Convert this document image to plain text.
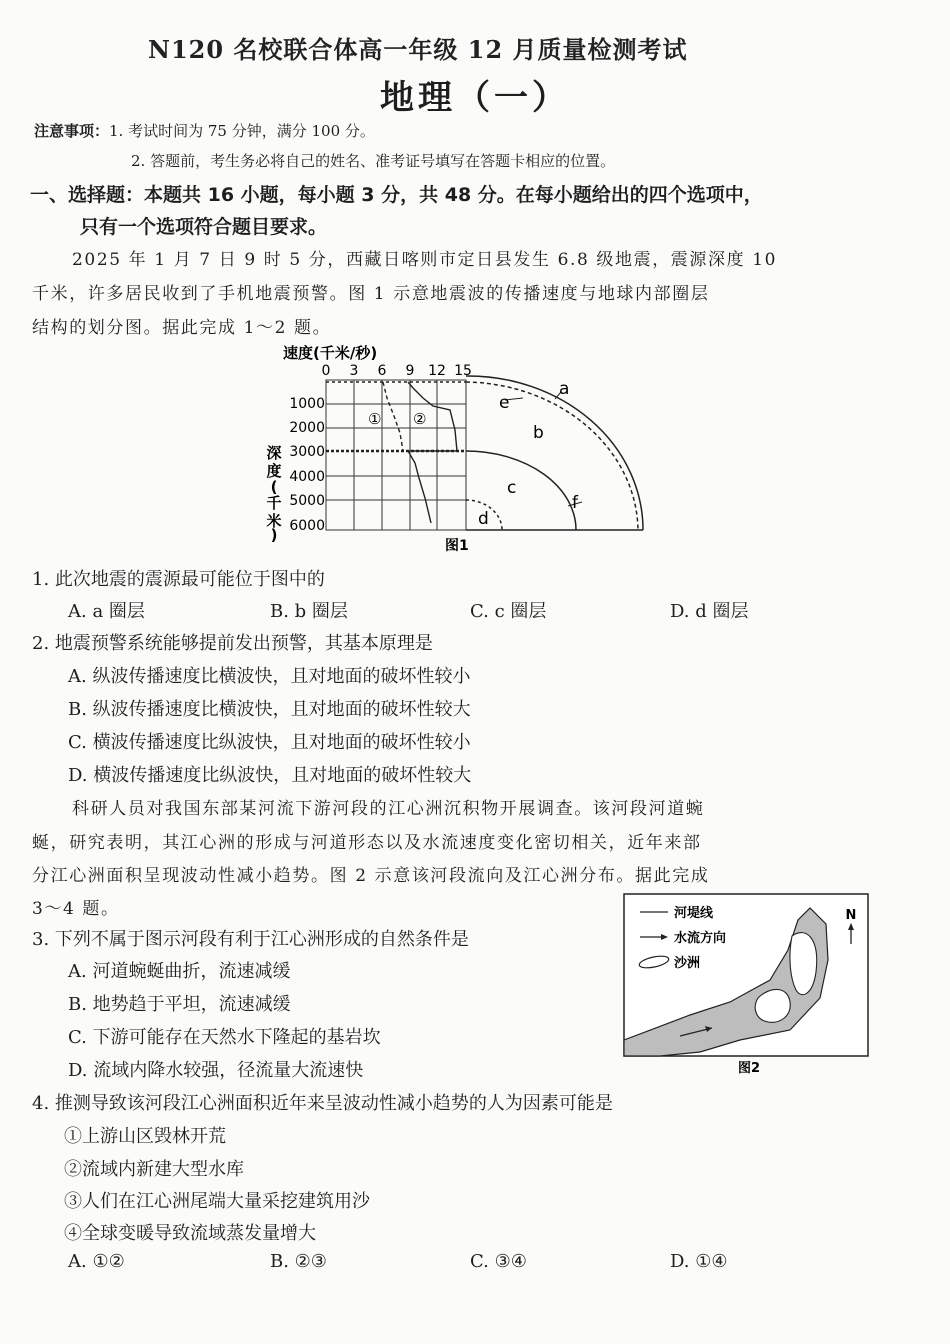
N120 名校联合体高一年级 12 月质量检测考试
地理（一）
注意事项：1. 考试时间为 75 分钟，满分 100 分。
2. 答题前，考生务必将自己的姓名、准考证号填写在答题卡相应的位置。
一、选择题：本题共 16 小题，每小题 3 分，共 48 分。在每小题给出的四个选项中，
只有一个选项符合题目要求。
2025 年 1 月 7 日 9 时 5 分，西藏日喀则市定日县发生 6.8 级地震，震源深度 10
千米，许多居民收到了手机地震预警。图 1 示意地震波的传播速度与地球内部圈层
结构的划分图。据此完成 1～2 题。
速度(千米/秒)
0 3 6 9 12 15
1000
2000
3000
4000
5000
6000
深
度
(
千
米
)
① ②
a
b
c
d
e
f
图1
1. 此次地震的震源最可能位于图中的
A. a 圈层	B. b 圈层	C. c 圈层	D. d 圈层
2. 地震预警系统能够提前发出预警，其基本原理是
A. 纵波传播速度比横波快，且对地面的破坏性较小
B. 纵波传播速度比横波快，且对地面的破坏性较大
C. 横波传播速度比纵波快，且对地面的破坏性较小
D. 横波传播速度比纵波快，且对地面的破坏性较大
科研人员对我国东部某河流下游河段的江心洲沉积物开展调查。该河段河道蜿
蜒，研究表明，其江心洲的形成与河道形态以及水流速度变化密切相关，近年来部
分江心洲面积呈现波动性减小趋势。图 2 示意该河段流向及江心洲分布。据此完成
3～4 题。	河堤线
水流方向
沙洲
N
图2
3. 下列不属于图示河段有利于江心洲形成的自然条件是
A. 河道蜿蜒曲折，流速减缓
B. 地势趋于平坦，流速减缓
C. 下游可能存在天然水下隆起的基岩坎
D. 流域内降水较强，径流量大流速快
4. 推测导致该河段江心洲面积近年来呈波动性减小趋势的人为因素可能是
①上游山区毁林开荒
②流域内新建大型水库
③人们在江心洲尾端大量采挖建筑用沙
④全球变暖导致流域蒸发量增大
A. ①②	B. ②③	C. ③④	D. ①④
